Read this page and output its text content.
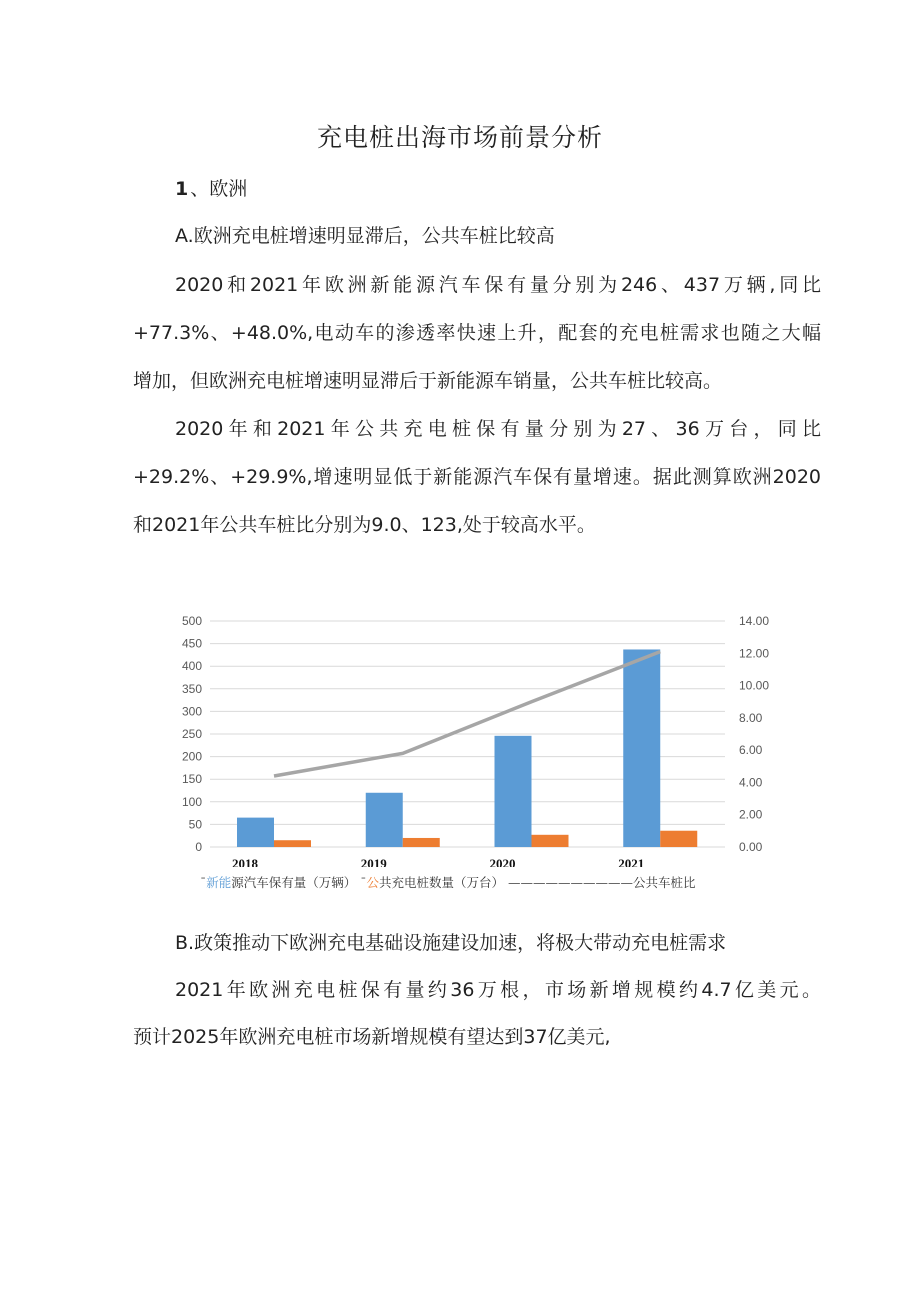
充电桩出海市场前景分析
1 、欧洲
A.欧洲充电桩增速明显滞后，公共车桩比较高
2020和2021年欧洲新能源汽车保有量分别为246、437万辆,同比
+77.3%、+48.0%,电动车的渗透率快速上升，配套的充电桩需求也随之大幅
增加，但欧洲充电桩增速明显滞后于新能源车销量，公共车桩比较高。
2020年和2021年公共充电桩保有量分别为27、36万台，同比
+29.2%、+29.9%,增速明显低于新能源汽车保有量增速。据此测算欧洲2020
和2021年公共车桩比分别为9.0、123,处于较高水平。
0
50
100
150
200
250
300
350
400
450
500
0.00
2.00
4.00
6.00
8.00
10.00
12.00
14.00
2018	2019	2020	2021
ˉ新能源汽车保有量（万辆） ˉ公共充电桩数量（万台） ——————————公共车桩比
B.政策推动下欧洲充电基础设施建设加速，将极大带动充电桩需求
2021年欧洲充电桩保有量约36万根，市场新增规模约4.7亿美元。
预计2025年欧洲充电桩市场新增规模有望达到37亿美元,
